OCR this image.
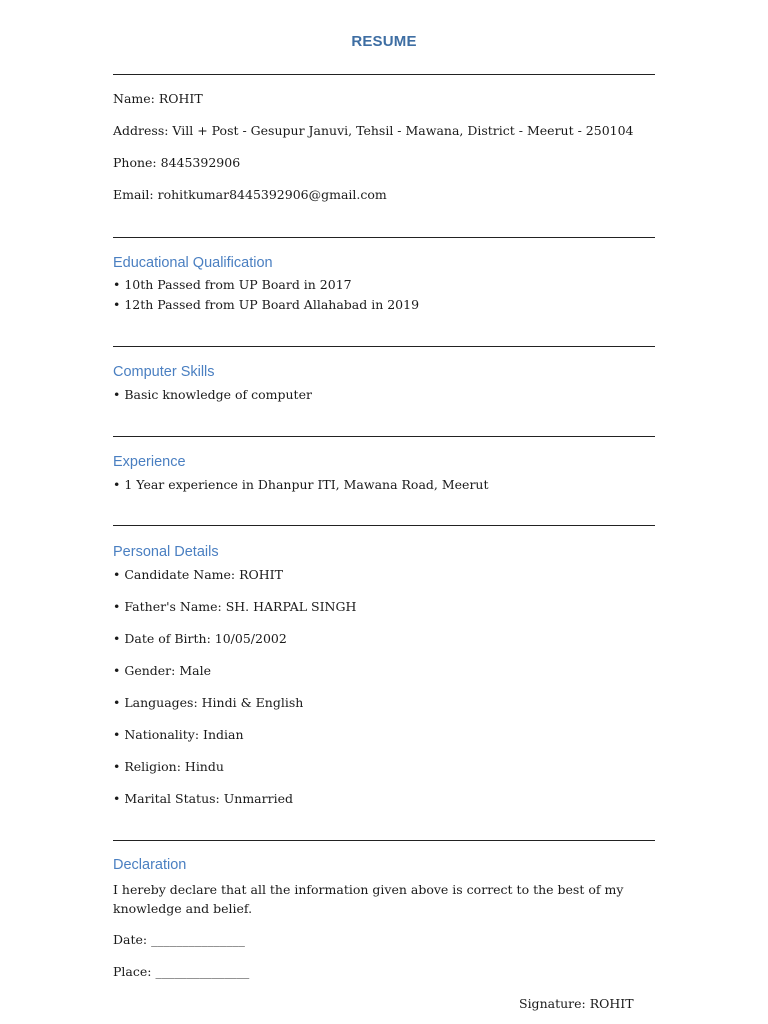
RESUME
Name: ROHIT
Address: Vill + Post - Gesupur Januvi, Tehsil - Mawana, District - Meerut - 250104
Phone: 8445392906
Email: rohitkumar8445392906@gmail.com
Educational Qualification
• 10th Passed from UP Board in 2017
• 12th Passed from UP Board Allahabad in 2019
Computer Skills
• Basic knowledge of computer
Experience
• 1 Year experience in Dhanpur ITI, Mawana Road, Meerut
Personal Details
• Candidate Name: ROHIT
• Father's Name: SH. HARPAL SINGH
• Date of Birth: 10/05/2002
• Gender: Male
• Languages: Hindi & English
• Nationality: Indian
• Religion: Hindu
• Marital Status: Unmarried
Declaration
I hereby declare that all the information given above is correct to the best of my knowledge and belief.
Date: _______________
Place: _______________
Signature: ROHIT
